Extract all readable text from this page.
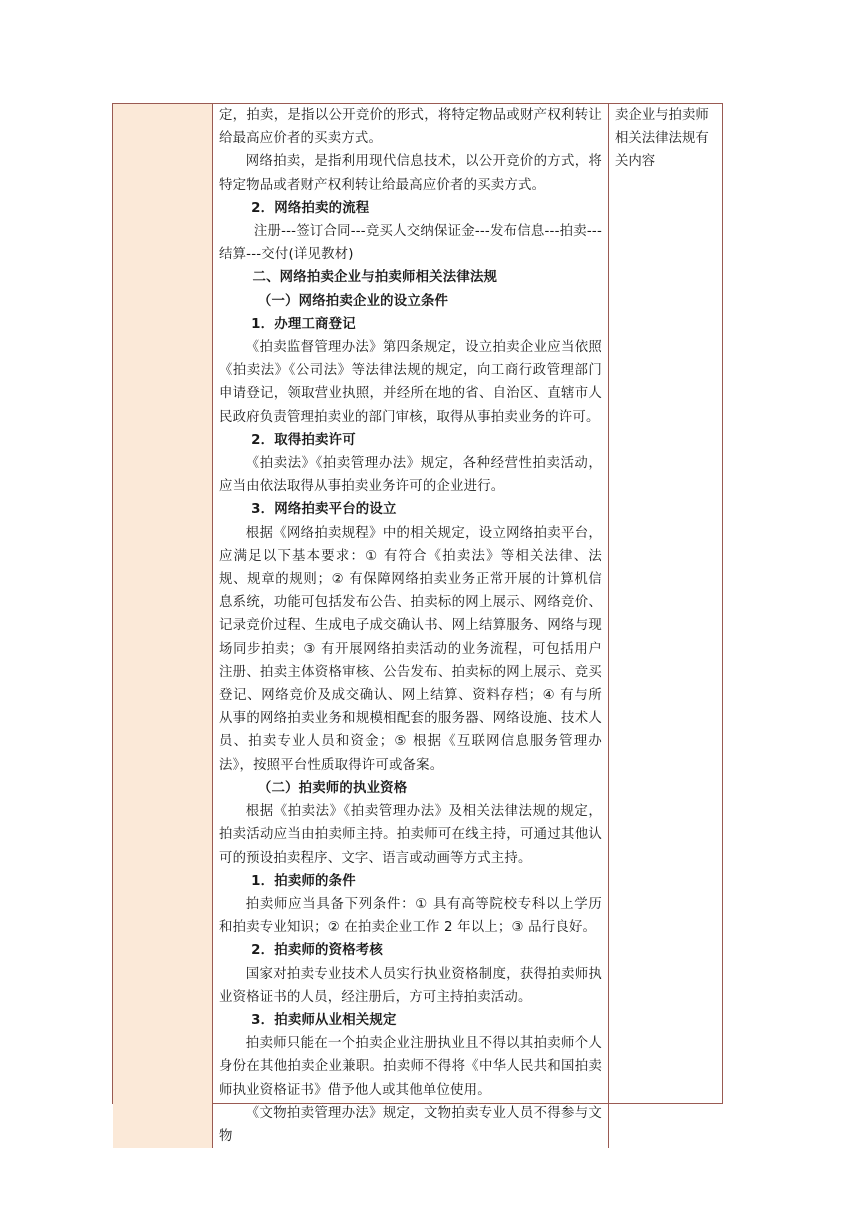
定，拍卖，是指以公开竞价的形式，将特定物品或财产权利转让给最高应价者的买卖方式。

网络拍卖，是指利用现代信息技术，以公开竞价的方式，将特定物品或者财产权利转让给最高应价者的买卖方式。

2．网络拍卖的流程

注册---签订合同---竞买人交纳保证金---发布信息---拍卖---结算---交付(详见教材)

二、网络拍卖企业与拍卖师相关法律法规

（一）网络拍卖企业的设立条件

1．办理工商登记

《拍卖监督管理办法》第四条规定，设立拍卖企业应当依照《拍卖法》《公司法》等法律法规的规定，向工商行政管理部门申请登记，领取营业执照，并经所在地的省、自治区、直辖市人民政府负责管理拍卖业的部门审核，取得从事拍卖业务的许可。

2．取得拍卖许可

《拍卖法》《拍卖管理办法》规定，各种经营性拍卖活动，应当由依法取得从事拍卖业务许可的企业进行。

3．网络拍卖平台的设立

根据《网络拍卖规程》中的相关规定，设立网络拍卖平台，应满足以下基本要求：① 有符合《拍卖法》等相关法律、法规、规章的规则；② 有保障网络拍卖业务正常开展的计算机信息系统，功能可包括发布公告、拍卖标的网上展示、网络竞价、记录竞价过程、生成电子成交确认书、网上结算服务、网络与现场同步拍卖；③ 有开展网络拍卖活动的业务流程，可包括用户注册、拍卖主体资格审核、公告发布、拍卖标的网上展示、竞买登记、网络竞价及成交确认、网上结算、资料存档；④ 有与所从事的网络拍卖业务和规模相配套的服务器、网络设施、技术人员、拍卖专业人员和资金；⑤ 根据《互联网信息服务管理办法》，按照平台性质取得许可或备案。

（二）拍卖师的执业资格

根据《拍卖法》《拍卖管理办法》及相关法律法规的规定，拍卖活动应当由拍卖师主持。拍卖师可在线主持，可通过其他认可的预设拍卖程序、文字、语言或动画等方式主持。

1．拍卖师的条件

拍卖师应当具备下列条件：① 具有高等院校专科以上学历和拍卖专业知识；② 在拍卖企业工作 2 年以上；③ 品行良好。

2．拍卖师的资格考核

国家对拍卖专业技术人员实行执业资格制度，获得拍卖师执业资格证书的人员，经注册后，方可主持拍卖活动。

3．拍卖师从业相关规定

拍卖师只能在一个拍卖企业注册执业且不得以其拍卖师个人身份在其他拍卖企业兼职。拍卖师不得将《中华人民共和国拍卖师执业资格证书》借予他人或其他单位使用。

《文物拍卖管理办法》规定，文物拍卖专业人员不得参与文物

卖企业与拍卖师相关法律法规有关内容
